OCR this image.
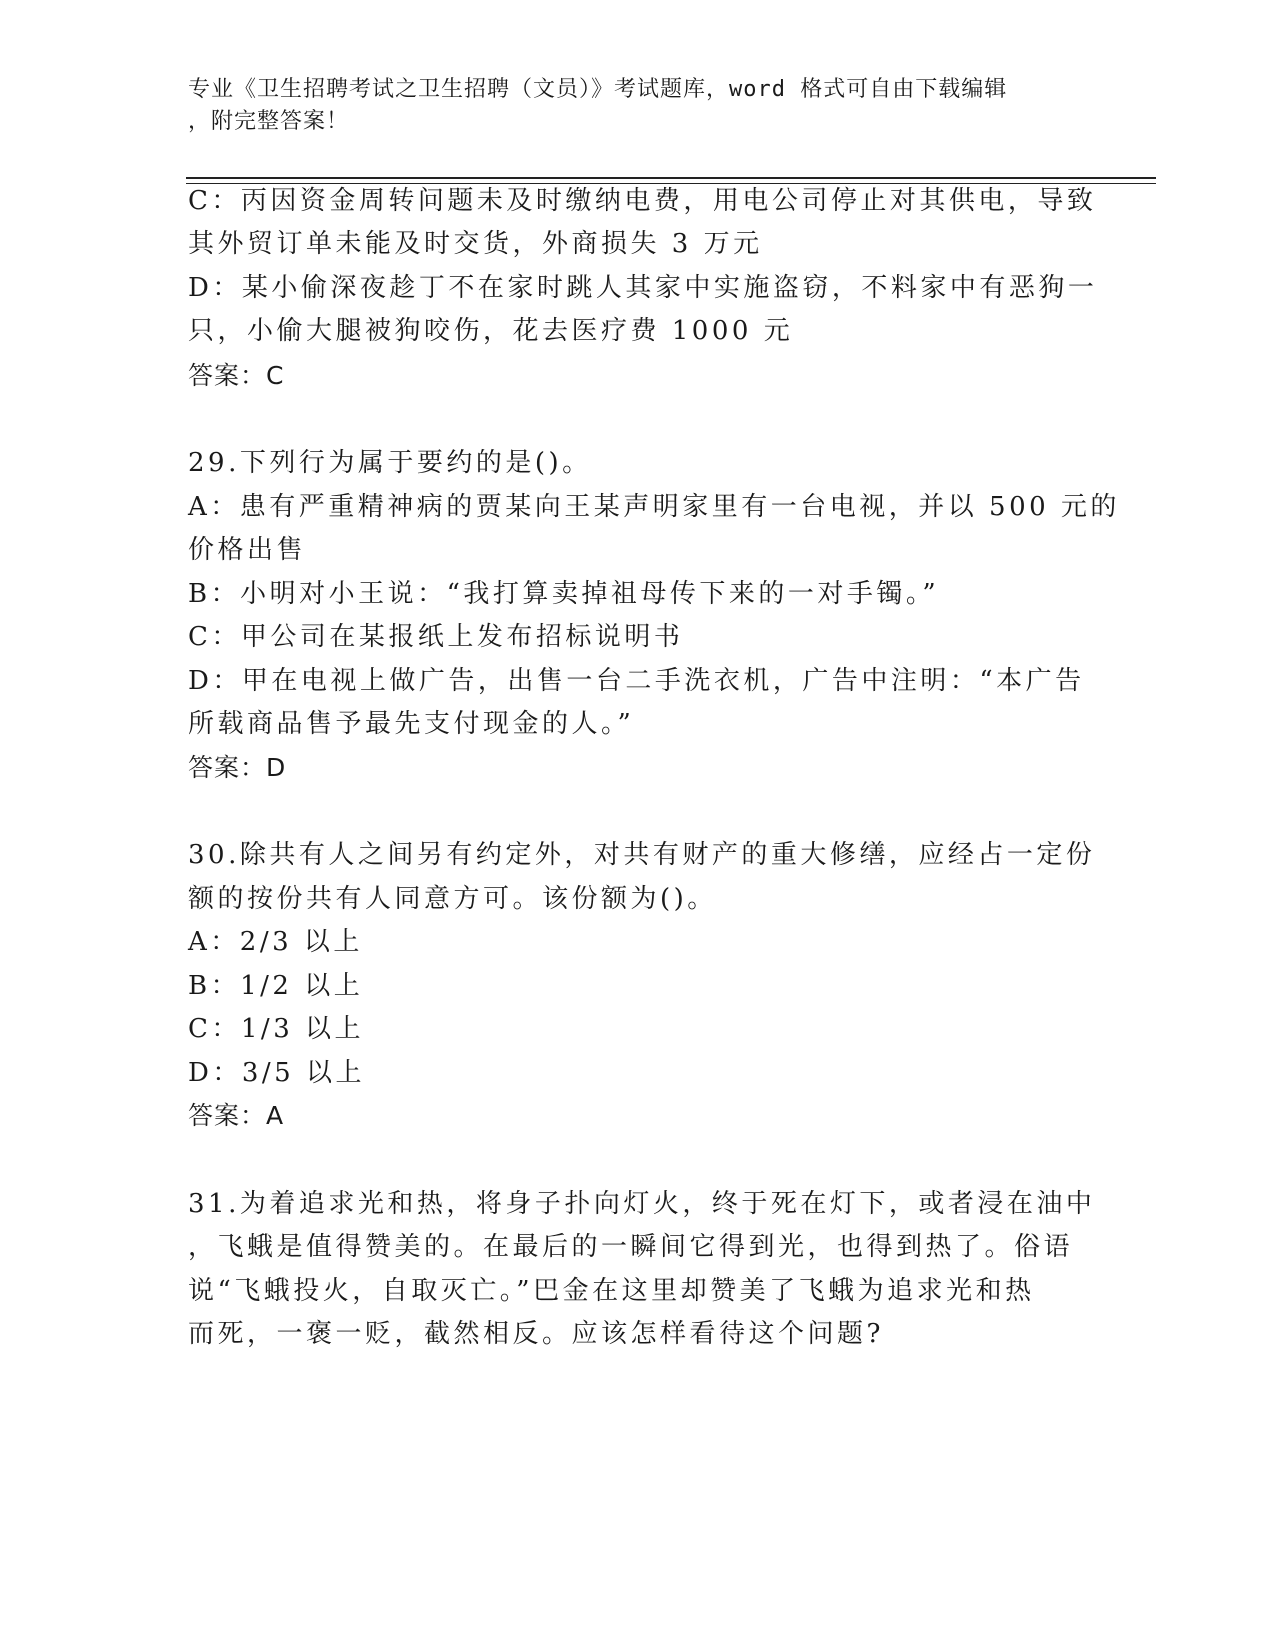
专业《卫生招聘考试之卫生招聘（文员）》考试题库，word 格式可自由下载编辑
，附完整答案！
C：丙因资金周转问题未及时缴纳电费，用电公司停止对其供电，导致
其外贸订单未能及时交货，外商损失 3 万元
D：某小偷深夜趁丁不在家时跳人其家中实施盗窃，不料家中有恶狗一
只，小偷大腿被狗咬伤，花去医疗费 1000 元
答案：C
29.下列行为属于要约的是()。
A：患有严重精神病的贾某向王某声明家里有一台电视，并以 500 元的
价格出售
B：小明对小王说：“我打算卖掉祖母传下来的一对手镯。”
C：甲公司在某报纸上发布招标说明书
D：甲在电视上做广告，出售一台二手洗衣机，广告中注明：“本广告
所载商品售予最先支付现金的人。”
答案：D
30.除共有人之间另有约定外，对共有财产的重大修缮，应经占一定份
额的按份共有人同意方可。该份额为()。
A：2/3 以上
B：1/2 以上
C：1/3 以上
D：3/5 以上
答案：A
31.为着追求光和热，将身子扑向灯火，终于死在灯下，或者浸在油中
，飞蛾是值得赞美的。在最后的一瞬间它得到光，也得到热了。俗语
说“飞蛾投火，自取灭亡。”巴金在这里却赞美了飞蛾为追求光和热
而死，一褒一贬，截然相反。应该怎样看待这个问题?
